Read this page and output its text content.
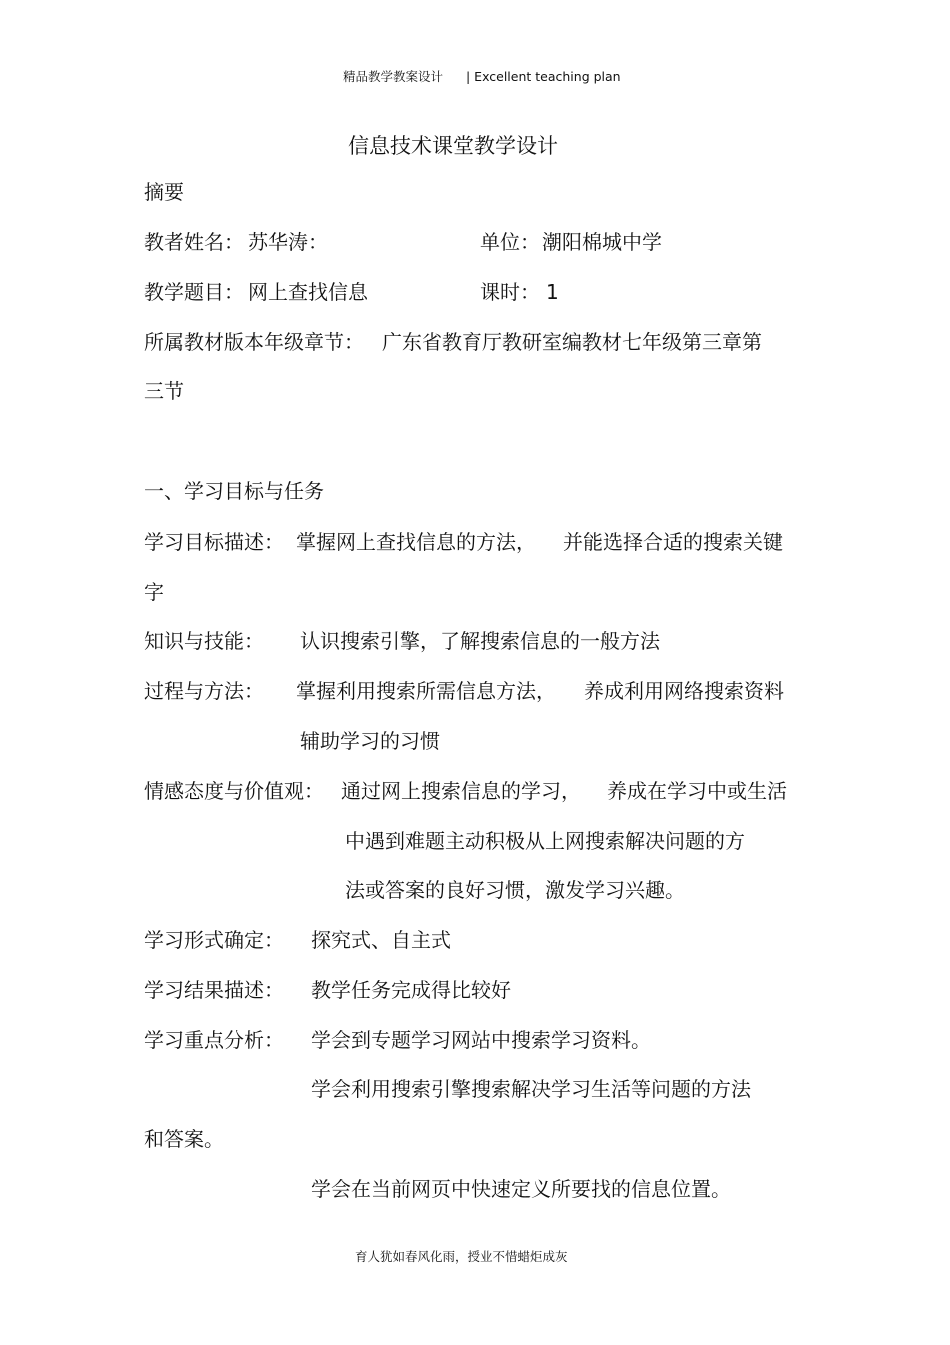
精品教学教案设计 | Excellent teaching plan
信息技术课堂教学设计
摘要
教者姓名： 苏华涛：	单位： 潮阳棉城中学
教学题目： 网上查找信息	课时： 1
所属教材版本年级章节： 广东省教育厅教研室编教材七年级第三章第
三节
一、学习目标与任务
学习目标描述： 掌握网上查找信息的方法， 并能选择合适的搜索关键
字
知识与技能： 认识搜索引擎，了解搜索信息的一般方法
过程与方法： 掌握利用搜索所需信息方法， 养成利用网络搜索资料
辅助学习的习惯
情感态度与价值观： 通过网上搜索信息的学习， 养成在学习中或生活
中遇到难题主动积极从上网搜索解决问题的方
法或答案的良好习惯，激发学习兴趣。
学习形式确定： 探究式、自主式
学习结果描述： 教学任务完成得比较好
学习重点分析： 学会到专题学习网站中搜索学习资料。
学会利用搜索引擎搜索解决学习生活等问题的方法
和答案。
学会在当前网页中快速定义所要找的信息位置。
育人犹如春风化雨，授业不惜蜡炬成灰
